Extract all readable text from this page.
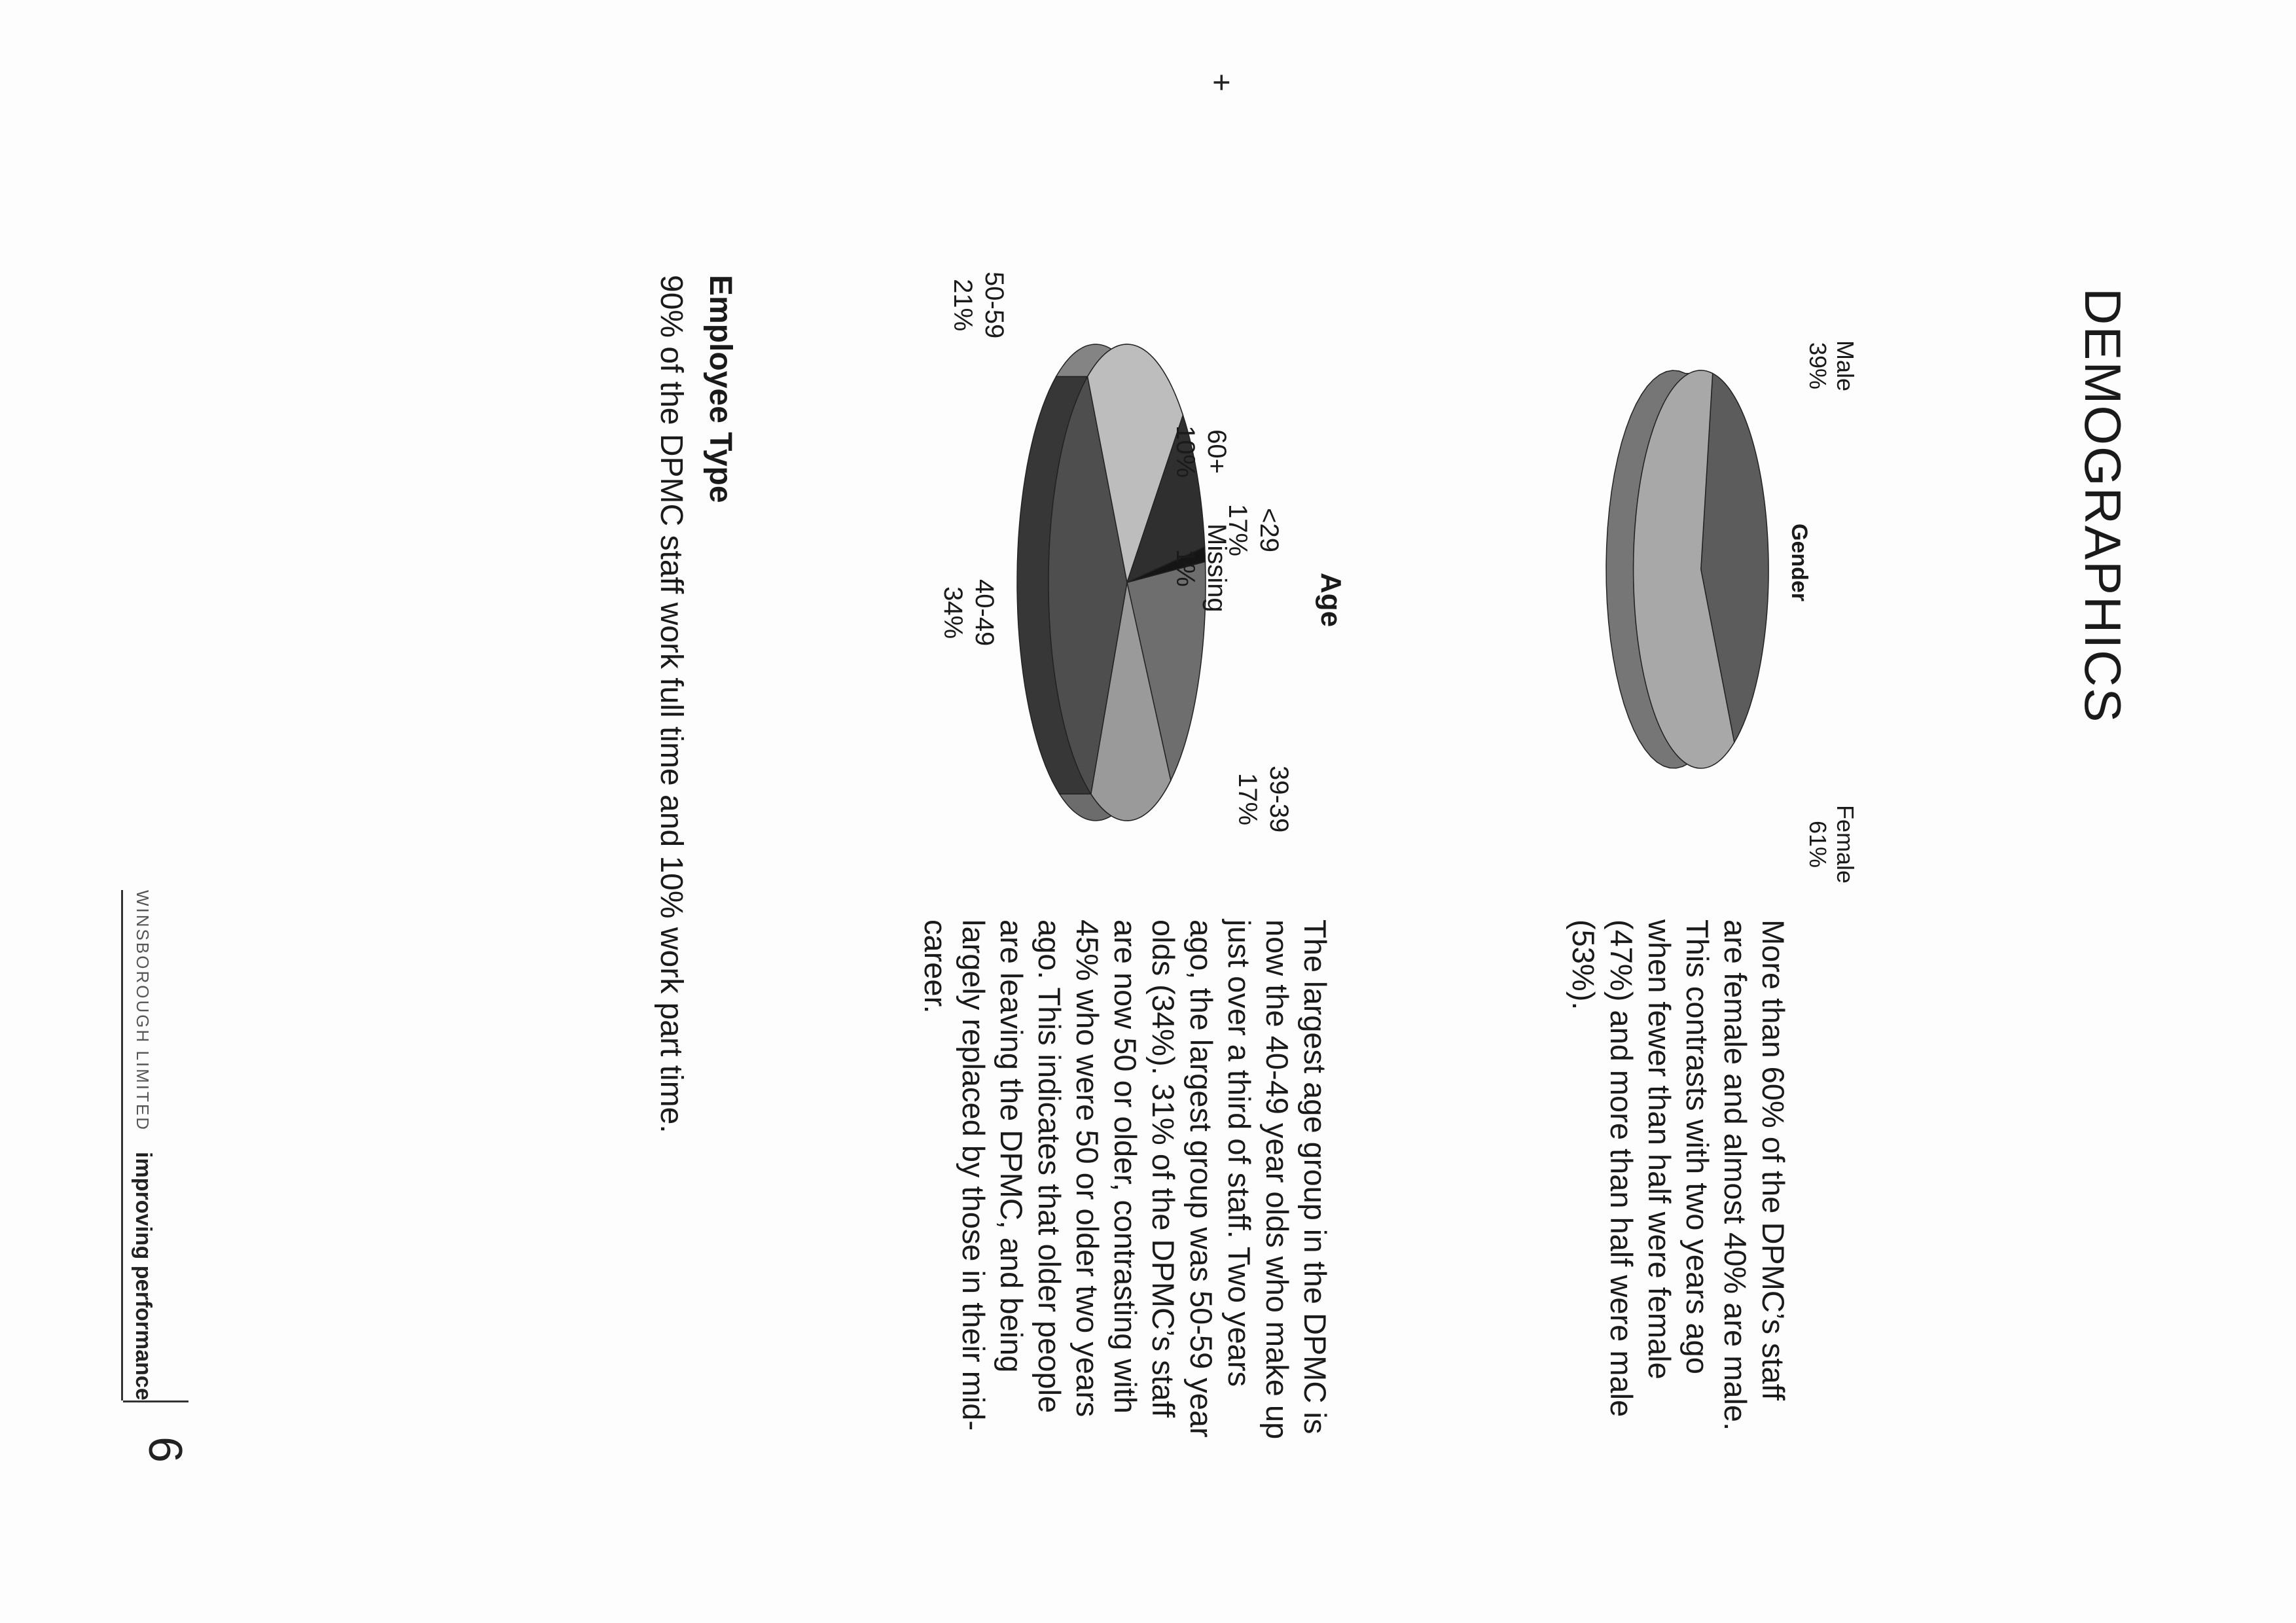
+
DEMOGRAPHICS
Gender
Male
39%
Female
61%

More than 60% of the DPMC’s staff
are female and almost 40% are male.
This contrasts with two years ago
when fewer than half were female
(47%) and more than half were male
(53%).

Age
<29
17%
39-39
17%
40-49
34%
50-59
21%
60+
10%
Missing
1%

The largest age group in the DPMC is
now the 40-49 year olds who make up
just over a third of staff. Two years
ago, the largest group was 50-59 year
olds (34%). 31% of the DPMC’s staff
are now 50 or older, contrasting with
45% who were 50 or older two years
ago. This indicates that older people
are leaving the DPMC, and being
largely replaced by those in their mid-
career.

Employee Type

90% of the DPMC staff work full time and 10% work part time.

WINSBOROUGH LIMITED

improving performance

6
